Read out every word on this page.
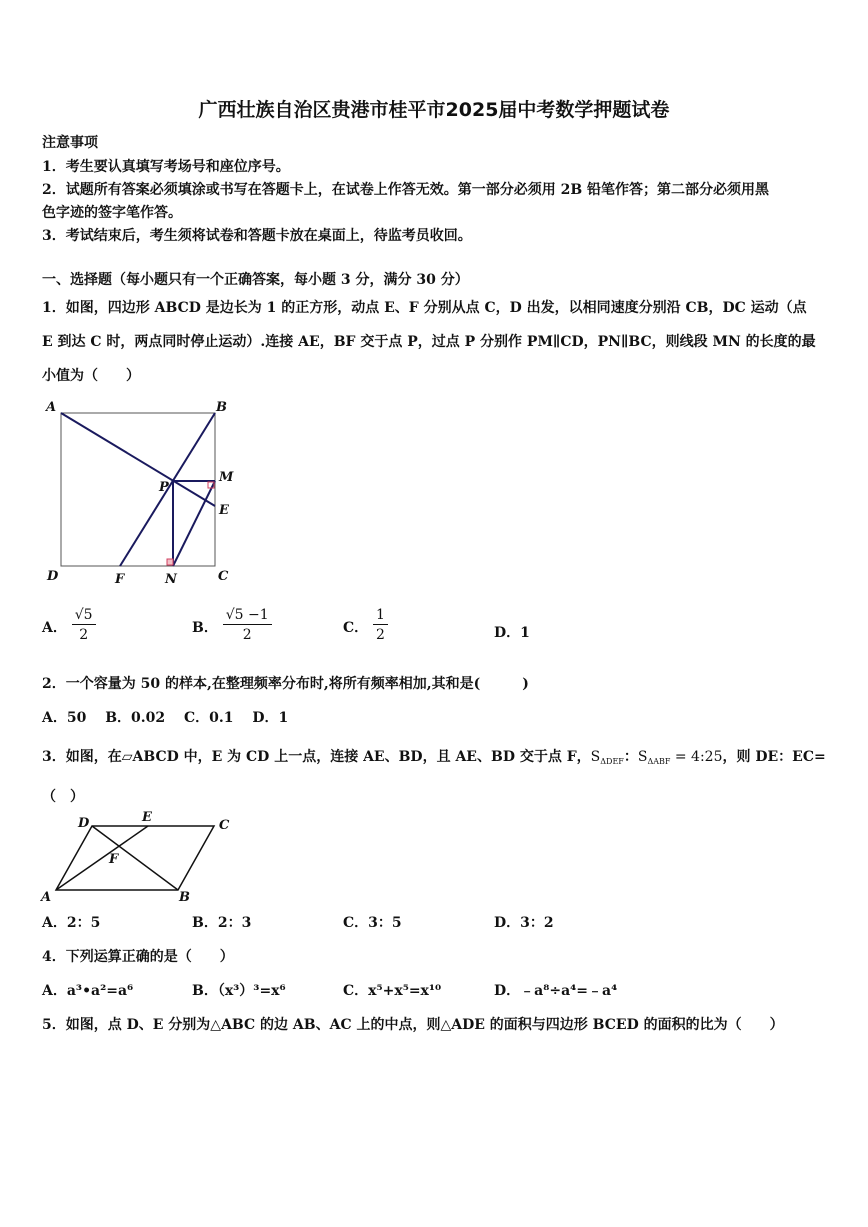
广西壮族自治区贵港市桂平市2025届中考数学押题试卷
注意事项
1．考生要认真填写考场号和座位序号。
2．试题所有答案必须填涂或书写在答题卡上，在试卷上作答无效。第一部分必须用 2B 铅笔作答；第二部分必须用黑
色字迹的签字笔作答。
3．考试结束后，考生须将试卷和答题卡放在桌面上，待监考员收回。
一、选择题（每小题只有一个正确答案，每小题 3 分，满分 30 分）
1．如图，四边形 ABCD 是边长为 1 的正方形，动点 E、F 分别从点 C，D 出发，以相同速度分别沿 CB，DC 运动（点
E 到达 C 时，两点同时停止运动）.连接 AE，BF 交于点 P，过点 P 分别作 PM∥CD，PN∥BC，则线段 MN 的长度的最
小值为（　　）
A	B
C
D
E
F
M
N
P
A． $\frac{√5}{2}$	B． $\frac{√5 -1}{2}$	C． $\frac{1}{2}$	D．1
2．一个容量为 50 的样本,在整理频率分布时,将所有频率相加,其和是(　　　)
A．50　 B．0.02　 C．0.1　 D．1
3．如图，在▱ABCD 中，E 为 CD 上一点，连接 AE、BD，且 AE、BD 交于点 F，$S_{\Delta DEF}$：$S_{\Delta ABF}$ = 4:25，则 DE：EC=
（　）
A	B
C
D	E
F
A．2：5	B．2：3	C．3：5	D．3：2
4．下列运算正确的是（　　）
A．a³•a²=a⁶	B．（x³）³=x⁶	C．x⁵+x⁵=x¹⁰	D．﹣a⁸÷a⁴=﹣a⁴
5．如图，点 D、E 分别为△ABC 的边 AB、AC 上的中点，则△ADE 的面积与四边形 BCED 的面积的比为（　　）
